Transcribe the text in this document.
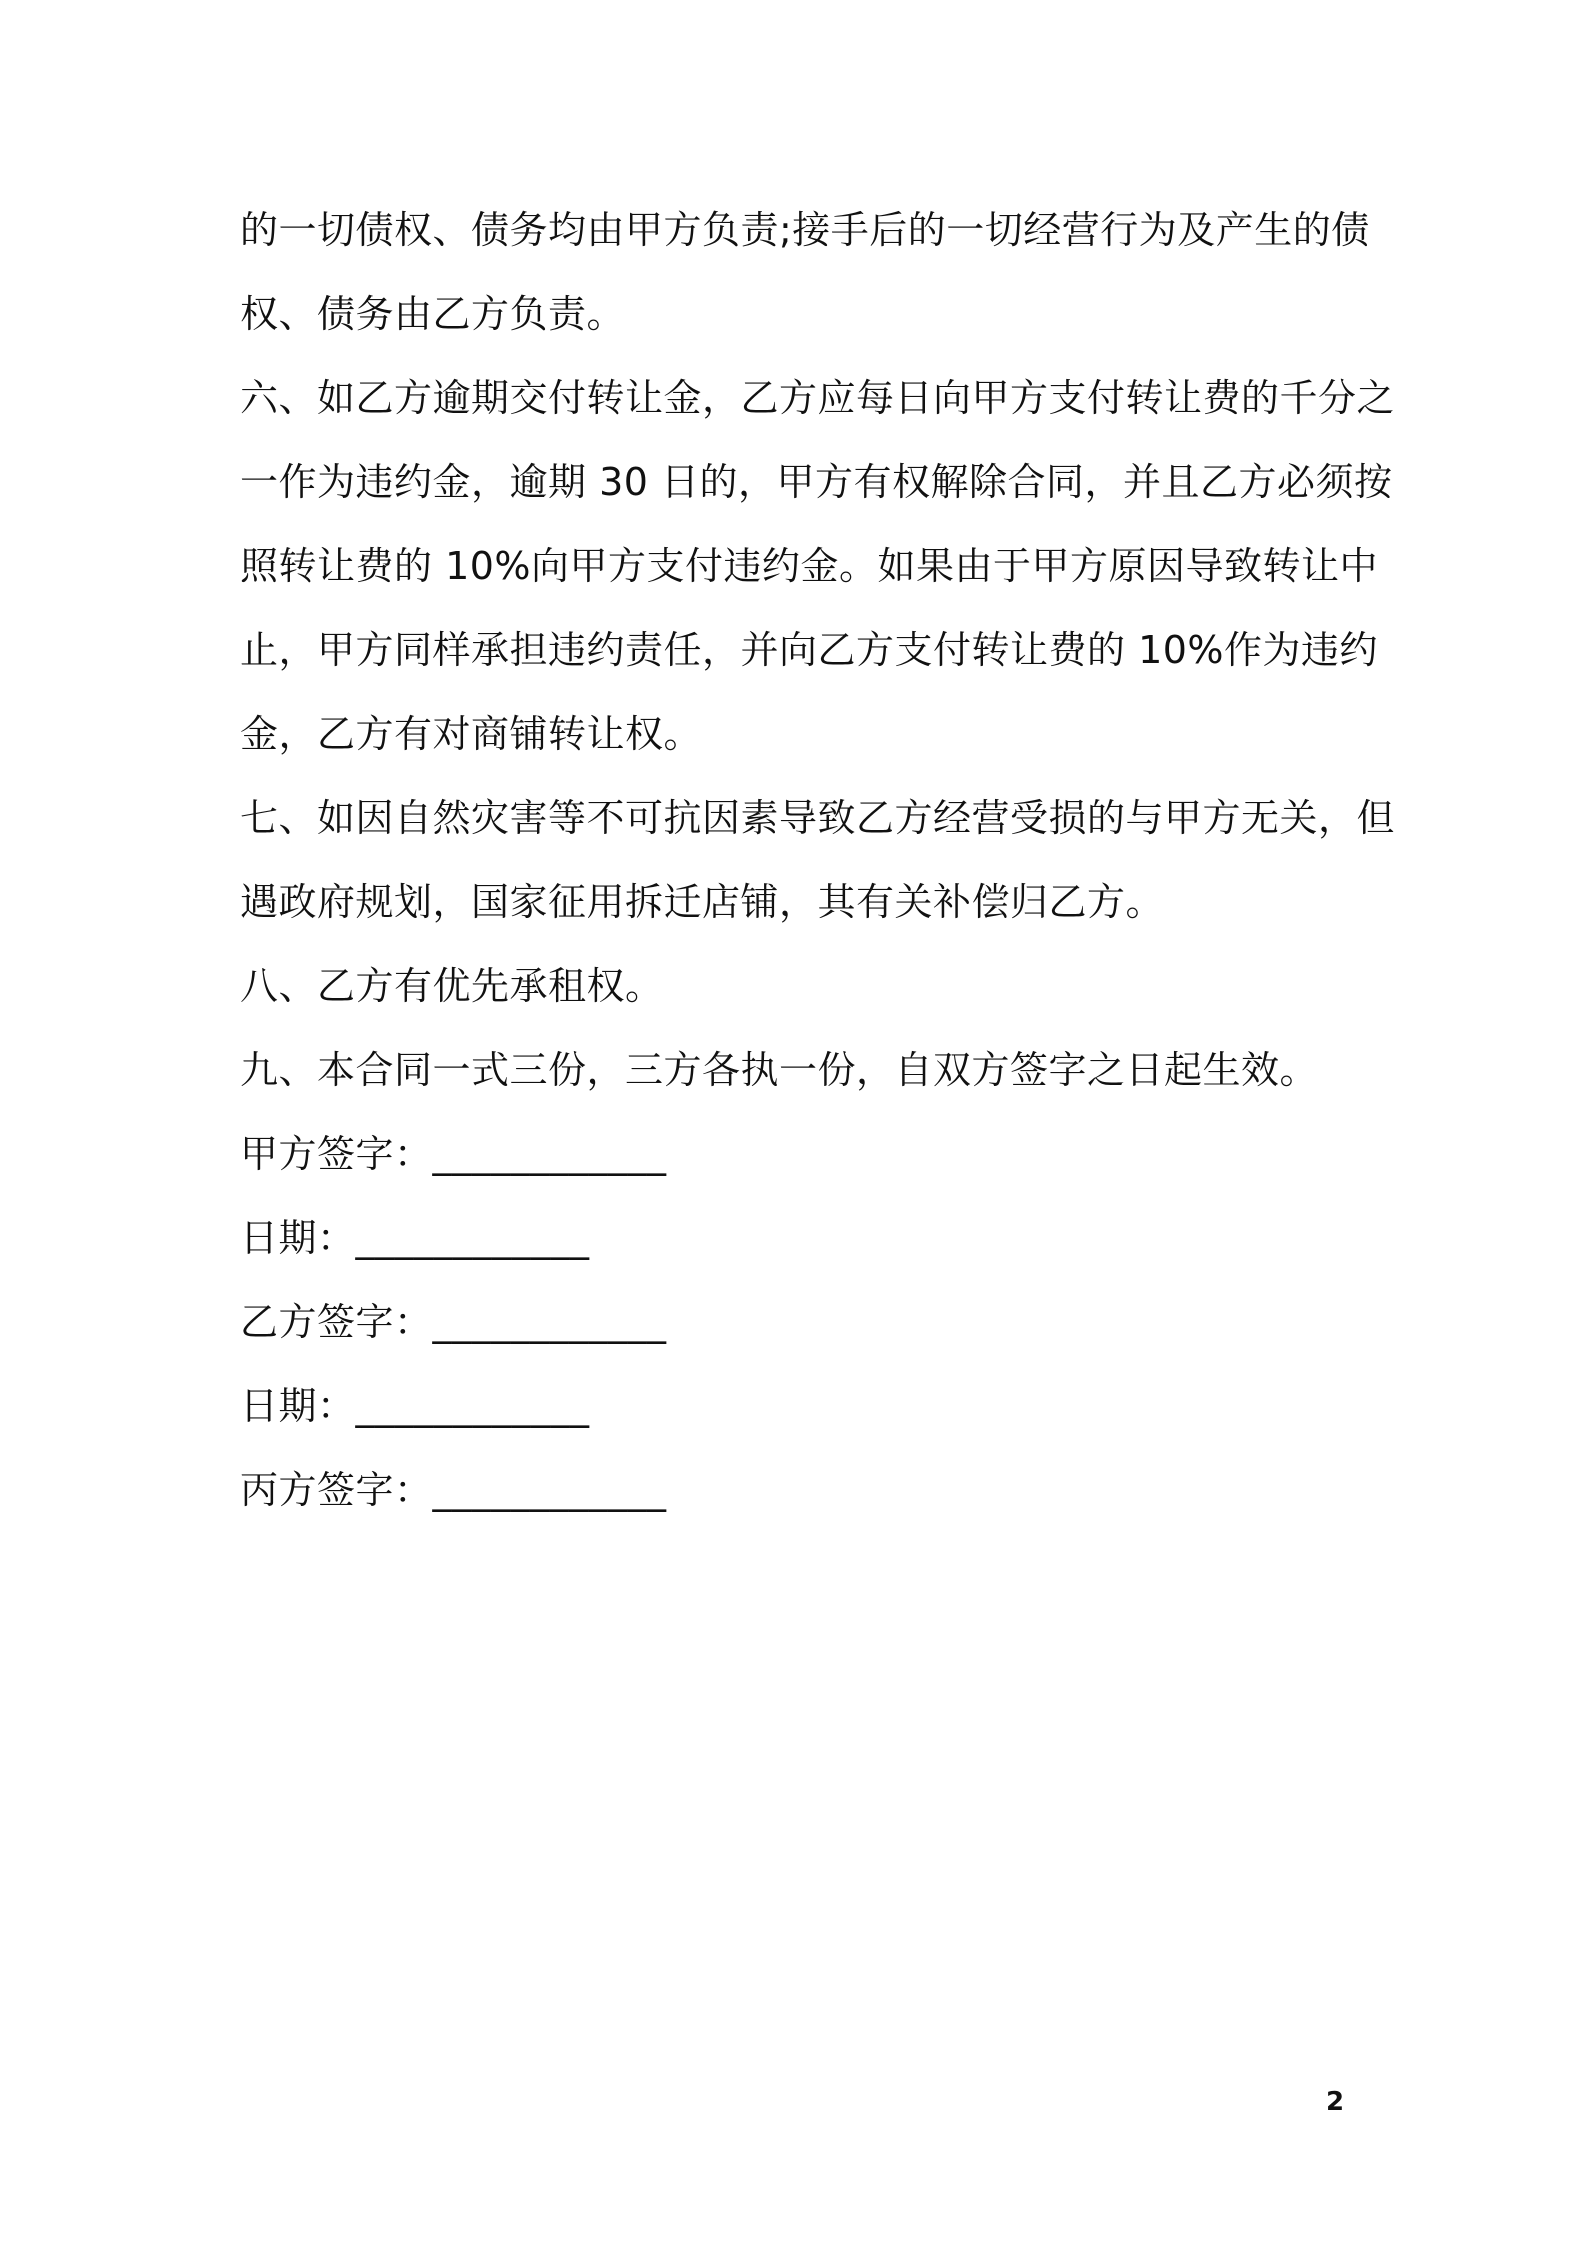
的一切债权、债务均由甲方负责;接手后的一切经营行为及产生的债
权、债务由乙方负责。
六、如乙方逾期交付转让金，乙方应每日向甲方支付转让费的千分之
一作为违约金，逾期 30 日的，甲方有权解除合同，并且乙方必须按
照转让费的 10%向甲方支付违约金。如果由于甲方原因导致转让中
止，甲方同样承担违约责任，并向乙方支付转让费的 10%作为违约
金，乙方有对商铺转让权。
七、如因自然灾害等不可抗因素导致乙方经营受损的与甲方无关，但
遇政府规划，国家征用拆迁店铺，其有关补偿归乙方。
八、乙方有优先承租权。
九、本合同一式三份，三方各执一份，自双方签字之日起生效。
甲方签字：____________
日期：____________
乙方签字：____________
日期：____________
丙方签字：____________
2
